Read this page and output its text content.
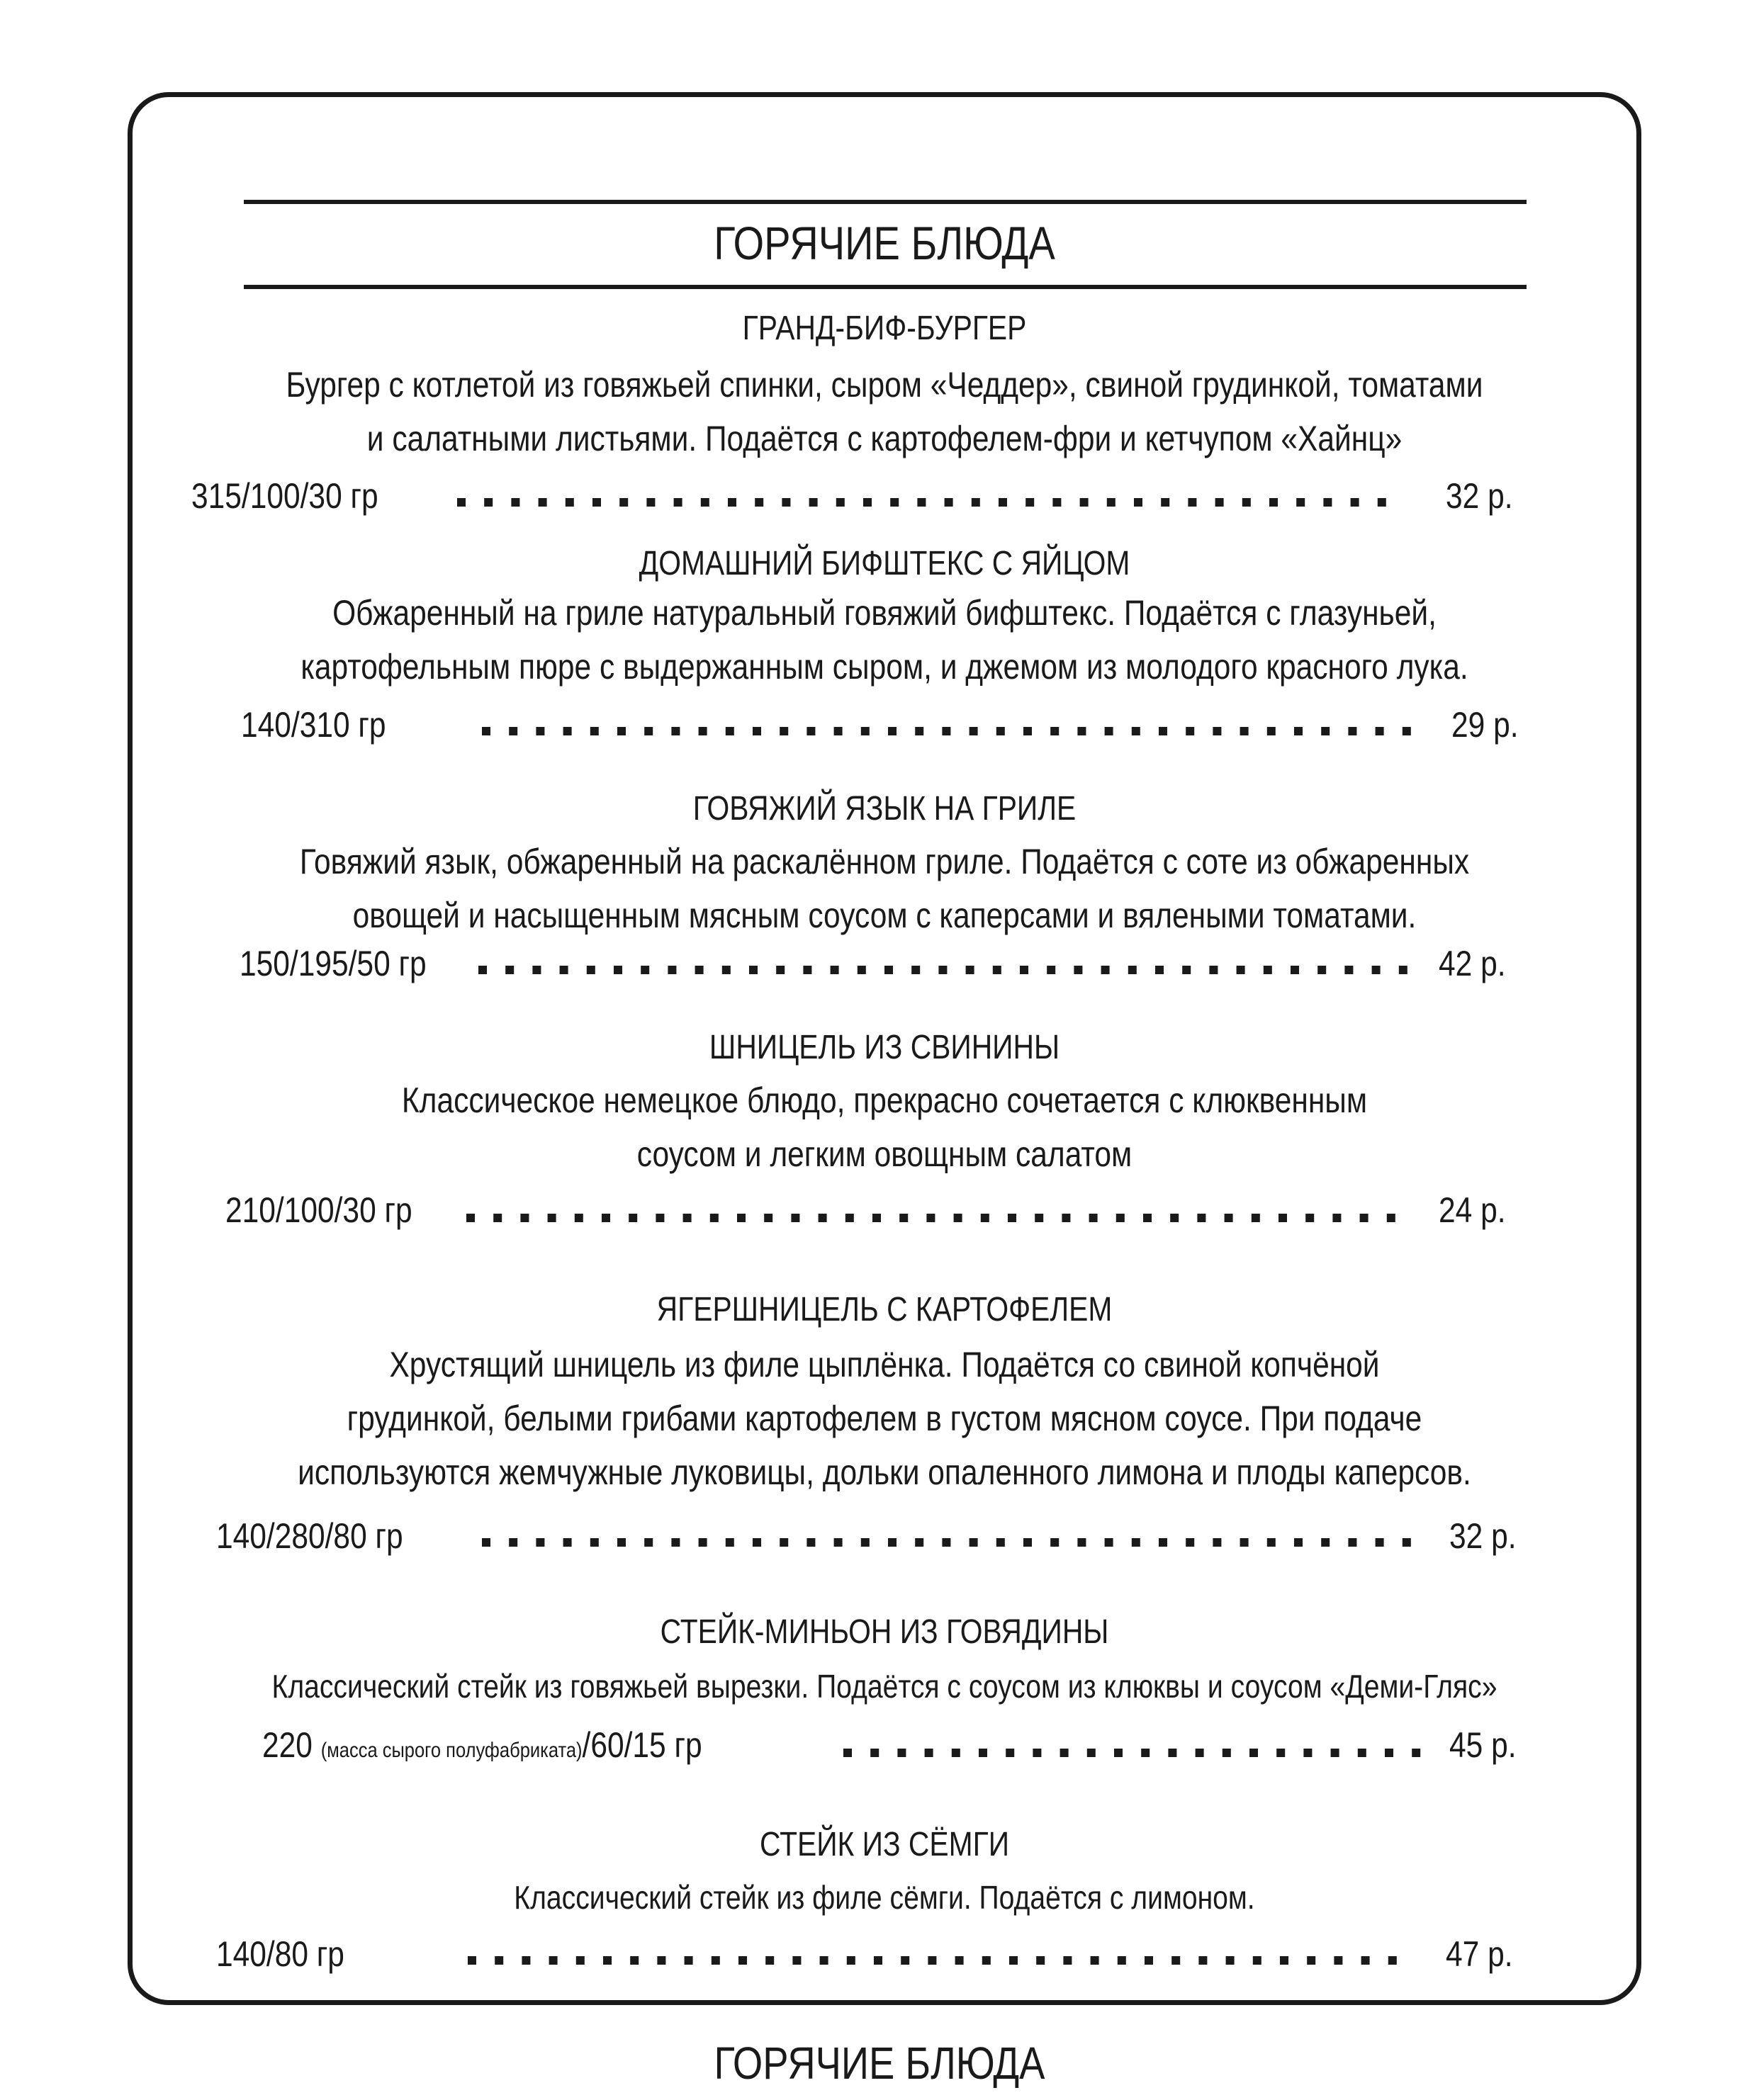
ГОРЯЧИЕ БЛЮДА
ГРАНД-БИФ-БУРГЕР
Бургер с котлетой из говяжьей спинки, сыром «Чеддер», свиной грудинкой, томатами
и салатными листьями. Подаётся с картофелем-фри и кетчупом «Хайнц»
315/100/30 гр	32 р.
ДОМАШНИЙ БИФШТЕКС С ЯЙЦОМ
Обжаренный на гриле натуральный говяжий бифштекс. Подаётся с глазуньей,
картофельным пюре с выдержанным сыром, и джемом из молодого красного лука.
140/310 гр	29 р.
ГОВЯЖИЙ ЯЗЫК НА ГРИЛЕ
Говяжий язык, обжаренный на раскалённом гриле. Подаётся с соте из обжаренных
овощей и насыщенным мясным соусом с каперсами и вялеными томатами.
150/195/50 гр	42 р.
ШНИЦЕЛЬ ИЗ СВИНИНЫ
Классическое немецкое блюдо, прекрасно сочетается с клюквенным
соусом и легким овощным салатом
210/100/30 гр	24 р.
ЯГЕРШНИЦЕЛЬ С КАРТОФЕЛЕМ
Хрустящий шницель из филе цыплёнка. Подаётся со свиной копчёной
грудинкой, белыми грибами картофелем в густом мясном соусе. При подаче
используются жемчужные луковицы, дольки опаленного лимона и плоды каперсов.
140/280/80 гр	32 р.
СТЕЙК-МИНЬОН ИЗ ГОВЯДИНЫ
Классический стейк из говяжьей вырезки. Подаётся с соусом из клюквы и соусом «Деми-Гляс»
220 (масса сырого полуфабриката)/60/15 гр	45 р.
СТЕЙК ИЗ СЁМГИ
Классический стейк из филе сёмги. Подаётся с лимоном.
140/80 гр	47 р.
ГОРЯЧИЕ БЛЮДА
